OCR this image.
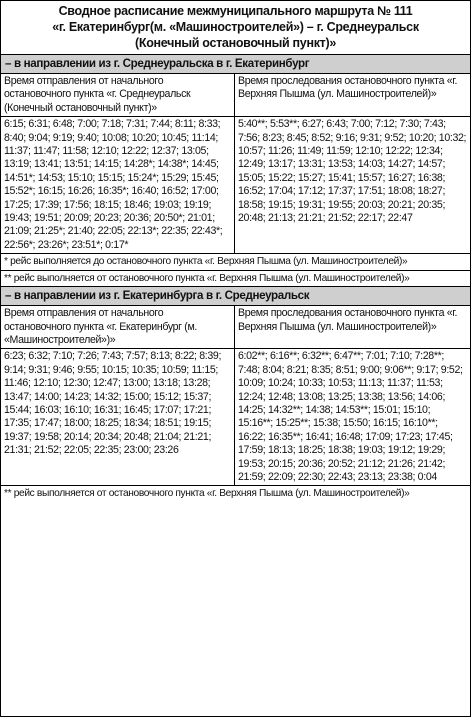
Сводное расписание межмуниципального маршрута № 111
«г. Екатеринбург(м. «Машиностроителей») – г. Среднеуральск
(Конечный остановочный пункт)»
– в направлении из г. Среднеуральска в г. Екатеринбург
Время отправления от начального остановочного пункта «г. Среднеуральск (Конечный остановочный пункт)»
Время проследования остановочного пункта «г. Верхняя Пышма (ул. Машиностроителей)»
6:15; 6:31; 6:48; 7:00; 7:18; 7:31; 7:44; 8:11; 8:33; 8:40; 9:04; 9:19; 9:40; 10:08; 10:20; 10:45; 11:14; 11:37; 11:47; 11:58; 12:10; 12:22; 12:37; 13:05; 13:19; 13:41; 13:51; 14:15; 14:28*; 14:38*; 14:45; 14:51*; 14:53; 15:10; 15:15; 15:24*; 15:29; 15:45; 15:52*; 16:15; 16:26; 16:35*; 16:40; 16:52; 17:00; 17:25; 17:39; 17:56; 18:15; 18:46; 19:03; 19:19; 19:43; 19:51; 20:09; 20:23; 20:36; 20:50*; 21:01; 21:09; 21:25*; 21:40; 22:05; 22:13*; 22:35; 22:43*; 22:56*; 23:26*; 23:51*; 0:17*
5:40**; 5:53**; 6:27; 6:43; 7:00; 7:12; 7:30; 7:43; 7:56; 8:23; 8:45; 8:52; 9:16; 9:31; 9:52; 10:20; 10:32; 10:57; 11:26; 11:49; 11:59; 12:10; 12:22; 12:34; 12:49; 13:17; 13:31; 13:53; 14:03; 14:27; 14:57; 15:05; 15:22; 15:27; 15:41; 15:57; 16:27; 16:38; 16:52; 17:04; 17:12; 17:37; 17:51; 18:08; 18:27; 18:58; 19:15; 19:31; 19:55; 20:03; 20:21; 20:35; 20:48; 21:13; 21:21; 21:52; 22:17; 22:47
* рейс выполняется до остановочного пункта «г. Верхняя Пышма (ул. Машиностроителей)»
** рейс выполняется от остановочного пункта «г. Верхняя Пышма (ул. Машиностроителей)»
– в направлении из г. Екатеринбурга в г. Среднеуральск
Время отправления от начального остановочного пункта «г. Екатеринбург (м. «Машиностроителей»)»
Время проследования остановочного пункта «г. Верхняя Пышма (ул. Машиностроителей)»
6:23; 6:32; 7:10; 7:26; 7:43; 7:57; 8:13; 8:22; 8:39; 9:14; 9:31; 9:46; 9:55; 10:15; 10:35; 10:59; 11:15; 11:46; 12:10; 12:30; 12:47; 13:00; 13:18; 13:28; 13:47; 14:00; 14:23; 14:32; 15:00; 15:12; 15:37; 15:44; 16:03; 16:10; 16:31; 16:45; 17:07; 17:21; 17:35; 17:47; 18:00; 18:25; 18:34; 18:51; 19:15; 19:37; 19:58; 20:14; 20:34; 20:48; 21:04; 21:21; 21:31; 21:52; 22:05; 22:35; 23:00; 23:26
6:02**; 6:16**; 6:32**; 6:47**; 7:01; 7:10; 7:28**; 7:48; 8:04; 8:21; 8:35; 8:51; 9:00; 9:06**; 9:17; 9:52; 10:09; 10:24; 10:33; 10:53; 11:13; 11:37; 11:53; 12:24; 12:48; 13:08; 13:25; 13:38; 13:56; 14:06; 14:25; 14:32**; 14:38; 14:53**; 15:01; 15:10; 15:16**; 15:25**; 15:38; 15:50; 16:15; 16:10**; 16:22; 16:35**; 16:41; 16:48; 17:09; 17:23; 17:45; 17:59; 18:13; 18:25; 18:38; 19:03; 19:12; 19:29; 19:53; 20:15; 20:36; 20:52; 21:12; 21:26; 21:42; 21:59; 22:09; 22:30; 22:43; 23:13; 23:38; 0:04
** рейс выполняется от остановочного пункта «г. Верхняя Пышма (ул. Машиностроителей)»
